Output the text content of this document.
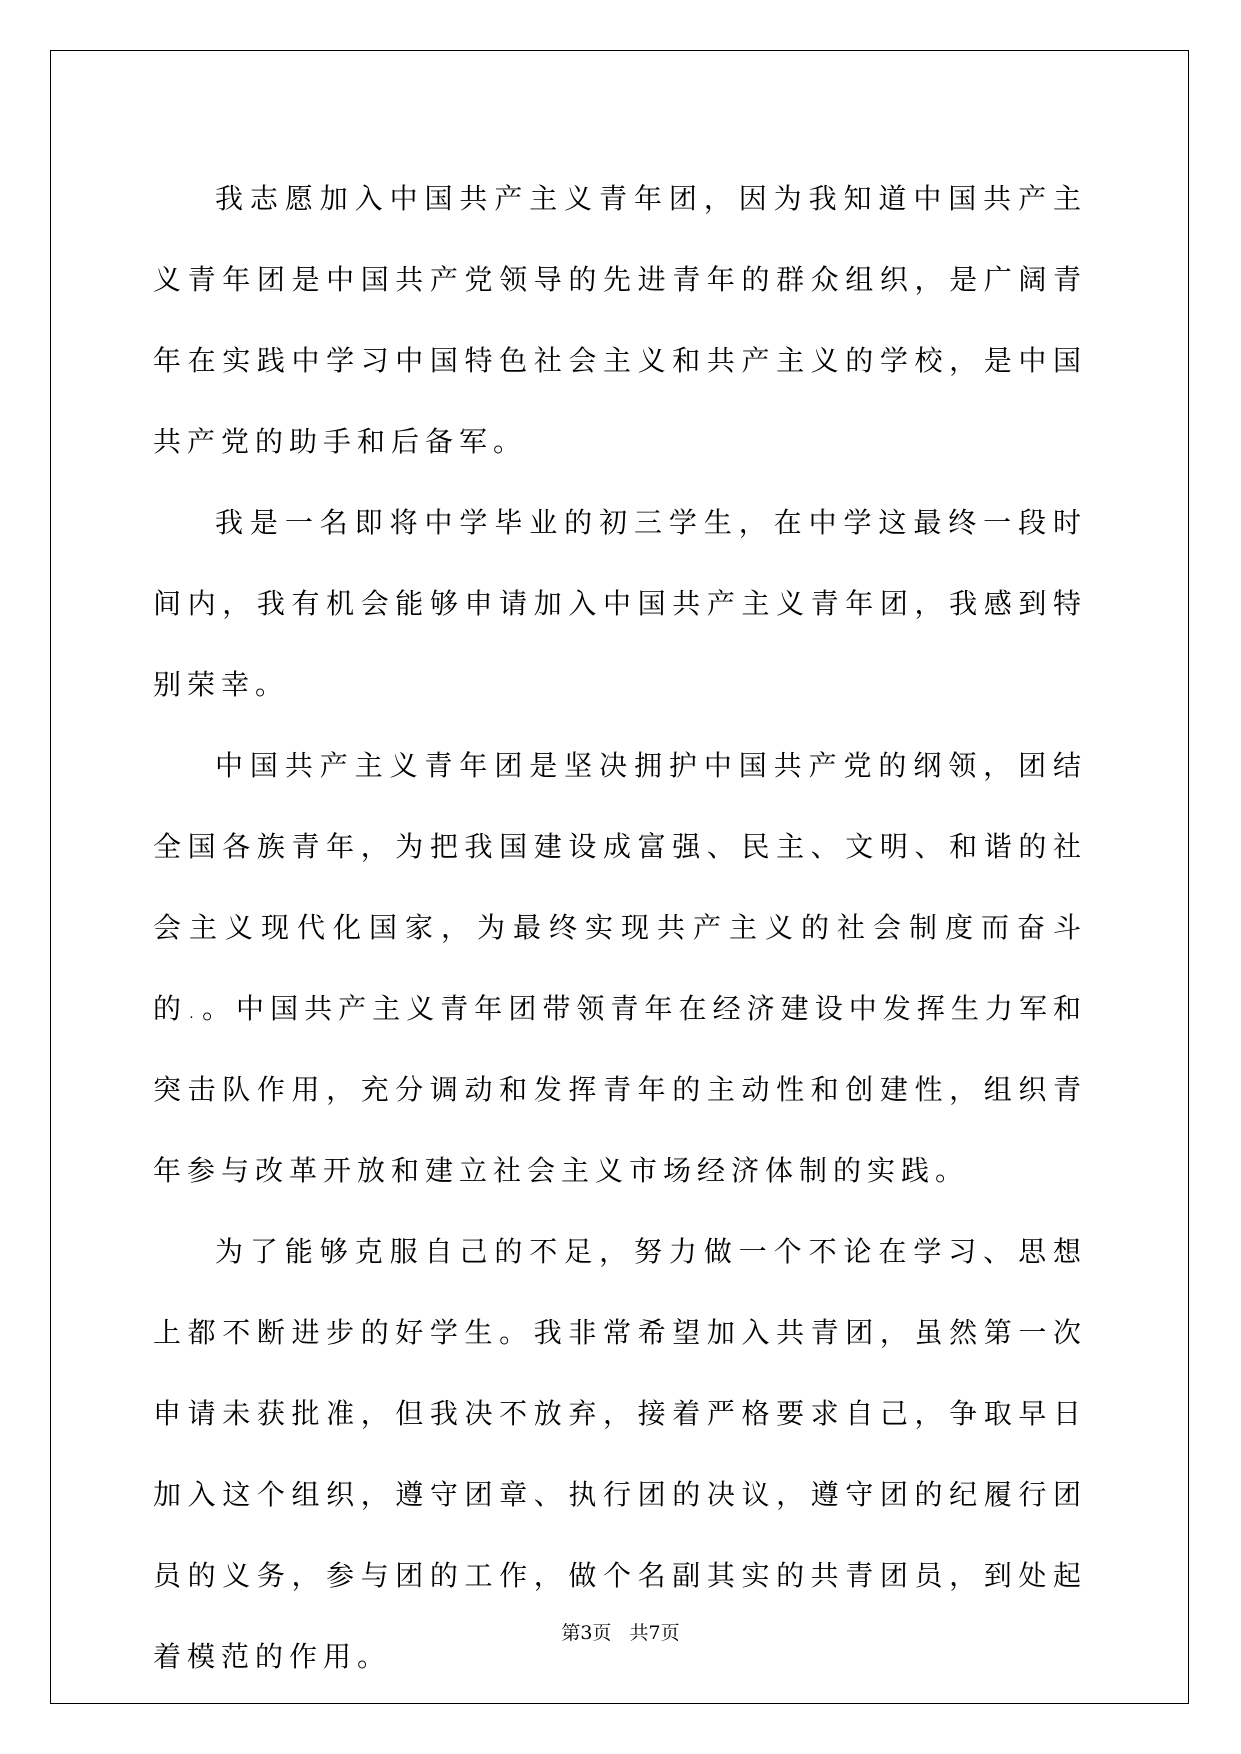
我志愿加入中国共产主义青年团，因为我知道中国共产主义青年团是中国共产党领导的先进青年的群众组织，是广阔青年在实践中学习中国特色社会主义和共产主义的学校，是中国共产党的助手和后备军。

我是一名即将中学毕业的初三学生，在中学这最终一段时间内，我有机会能够申请加入中国共产主义青年团，我感到特别荣幸。

中国共产主义青年团是坚决拥护中国共产党的纲领，团结全国各族青年，为把我国建设成富强、民主、文明、和谐的社会主义现代化国家，为最终实现共产主义的社会制度而奋斗的.。中国共产主义青年团带领青年在经济建设中发挥生力军和突击队作用，充分调动和发挥青年的主动性和创建性，组织青年参与改革开放和建立社会主义市场经济体制的实践。

为了能够克服自己的不足，努力做一个不论在学习、思想上都不断进步的好学生。我非常希望加入共青团，虽然第一次申请未获批准，但我决不放弃，接着严格要求自己，争取早日加入这个组织，遵守团章、执行团的决议，遵守团的纪履行团员的义务，参与团的工作，做个名副其实的共青团员，到处起着模范的作用。

第3页   共7页
